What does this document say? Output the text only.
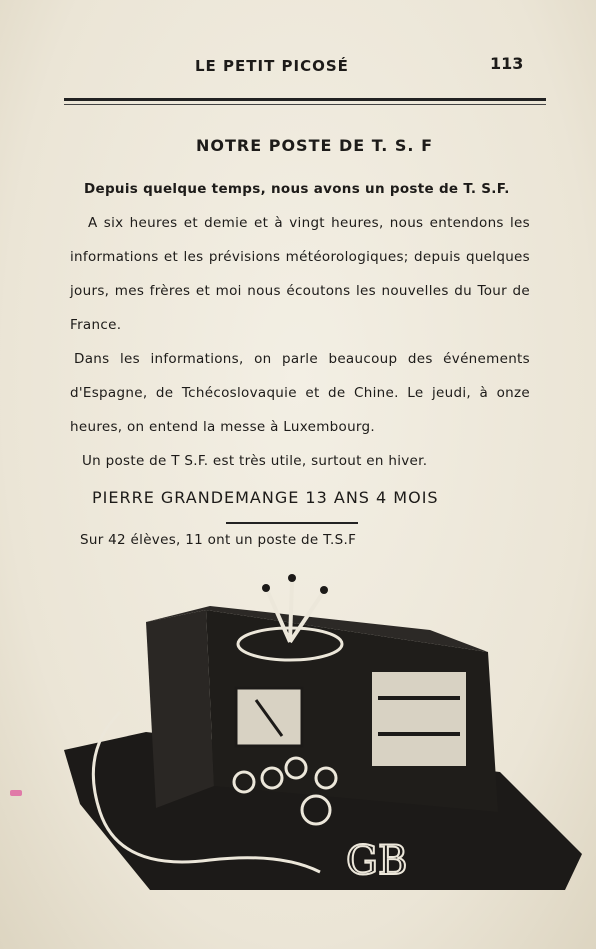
LE PETIT PICOSÉ	113
NOTRE POSTE DE T. S. F
Depuis quelque temps, nous avons un poste de T. S.F.
A six heures et demie et à vingt heures, nous entendons les informations et les prévisions météorologiques; depuis quelques jours, mes frères et moi nous écoutons les nouvelles du Tour de France.
Dans les informations, on parle beaucoup des événements d'Espagne, de Tchécoslovaquie et de Chine. Le jeudi, à onze heures, on entend la messe à Luxembourg.
Un poste de T S.F. est très utile, surtout en hiver.
PIERRE GRANDEMANGE 13 ANS 4 MOIS
Sur 42 élèves, 11 ont un poste de T.S.F
GB
